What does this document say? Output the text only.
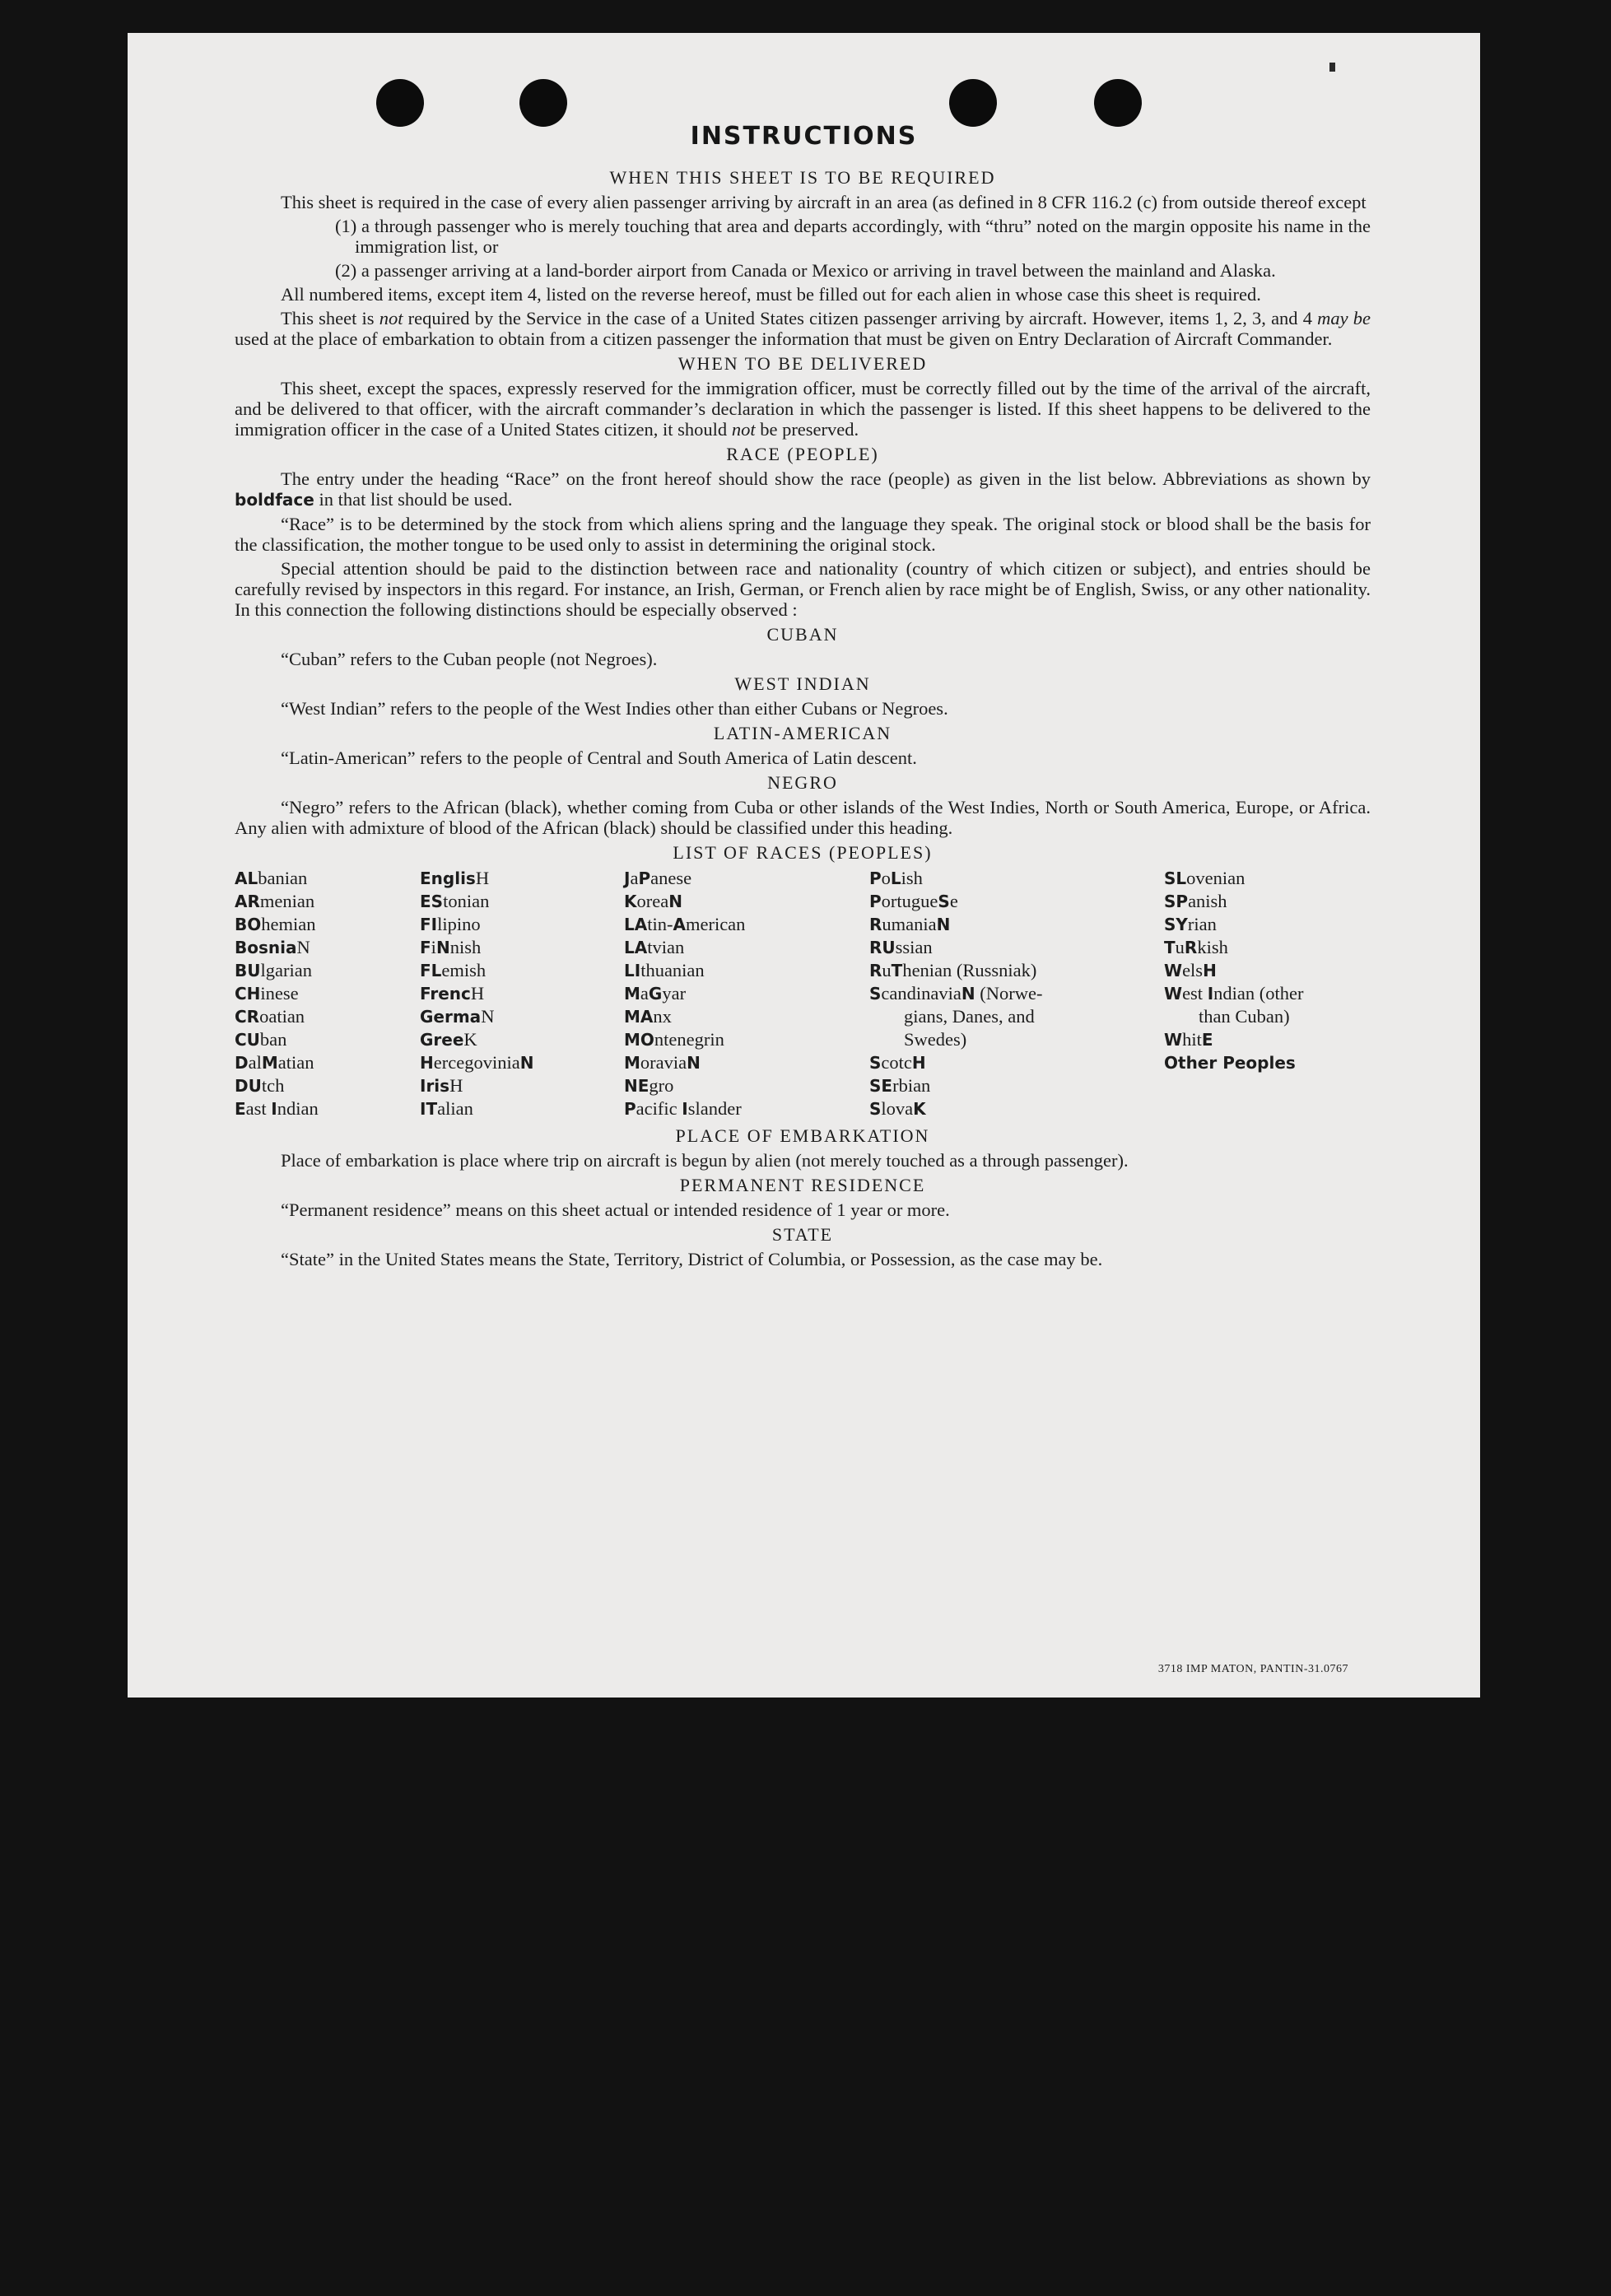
INSTRUCTIONS
WHEN THIS SHEET IS TO BE REQUIRED

This sheet is required in the case of every alien passenger arriving by aircraft in an area (as defined in 8 CFR 116.2 (c) from outside thereof except

(1) a through passenger who is merely touching that area and departs accordingly, with “thru” noted on the margin opposite his name in the immigration list, or

(2) a passenger arriving at a land-border airport from Canada or Mexico or arriving in travel between the mainland and Alaska.

All numbered items, except item 4, listed on the reverse hereof, must be filled out for each alien in whose case this sheet is required.

This sheet is not required by the Service in the case of a United States citizen passenger arriving by aircraft. However, items 1, 2, 3, and 4 may be used at the place of embarkation to obtain from a citizen passenger the information that must be given on Entry Declaration of Aircraft Commander.

WHEN TO BE DELIVERED

This sheet, except the spaces, expressly reserved for the immigration officer, must be correctly filled out by the time of the arrival of the aircraft, and be delivered to that officer, with the aircraft commander’s declaration in which the passenger is listed. If this sheet happens to be delivered to the immigration officer in the case of a United States citizen, it should not be preserved.

RACE (PEOPLE)

The entry under the heading “Race” on the front hereof should show the race (people) as given in the list below. Abbreviations as shown by boldface in that list should be used.

“Race” is to be determined by the stock from which aliens spring and the language they speak. The original stock or blood shall be the basis for the classification, the mother tongue to be used only to assist in determining the original stock.

Special attention should be paid to the distinction between race and nationality (country of which citizen or subject), and entries should be carefully revised by inspectors in this regard. For instance, an Irish, German, or French alien by race might be of English, Swiss, or any other nationality. In this connection the following distinctions should be especially observed :

CUBAN

“Cuban” refers to the Cuban people (not Negroes).

WEST INDIAN

“West Indian” refers to the people of the West Indies other than either Cubans or Negroes.

LATIN-AMERICAN

“Latin-American” refers to the people of Central and South America of Latin descent.

NEGRO

“Negro” refers to the African (black), whether coming from Cuba or other islands of the West Indies, North or South America, Europe, or Africa. Any alien with admixture of blood of the African (black) should be classified under this heading.

LIST OF RACES (PEOPLES)
ALbanian
ARmenian
BOhemian
BosniaN
BUlgarian
CHinese
CRoatian
CUban
DalMatian
DUtch
East Indian
EnglisH
EStonian
FIlipino
FiNnish
FLemish
FrencH
GermaN
GreeK
HercegoviniaN
IrisH
ITalian
JaPanese
KoreaN
LAtin-American
LAtvian
LIthuanian
MaGyar
MAnx
MOntenegrin
MoraviaN
NEgro
Pacific Islander
PoLish
PortugueSe
RumaniaN
RUssian
RuThenian (Russniak)
ScandinaviaN (Norwe-
gians, Danes, and
Swedes)
ScotcH
SErbian
SlovaK
SLovenian
SPanish
SYrian
TuRkish
WelsH
West Indian (other
than Cuban)
WhitE
Other Peoples
PLACE OF EMBARKATION

Place of embarkation is place where trip on aircraft is begun by alien (not merely touched as a through passenger).

PERMANENT RESIDENCE

“Permanent residence” means on this sheet actual or intended residence of 1 year or more.

STATE

“State” in the United States means the State, Territory, District of Columbia, or Possession, as the case may be.

3718 IMP MATON, PANTIN-31.0767
